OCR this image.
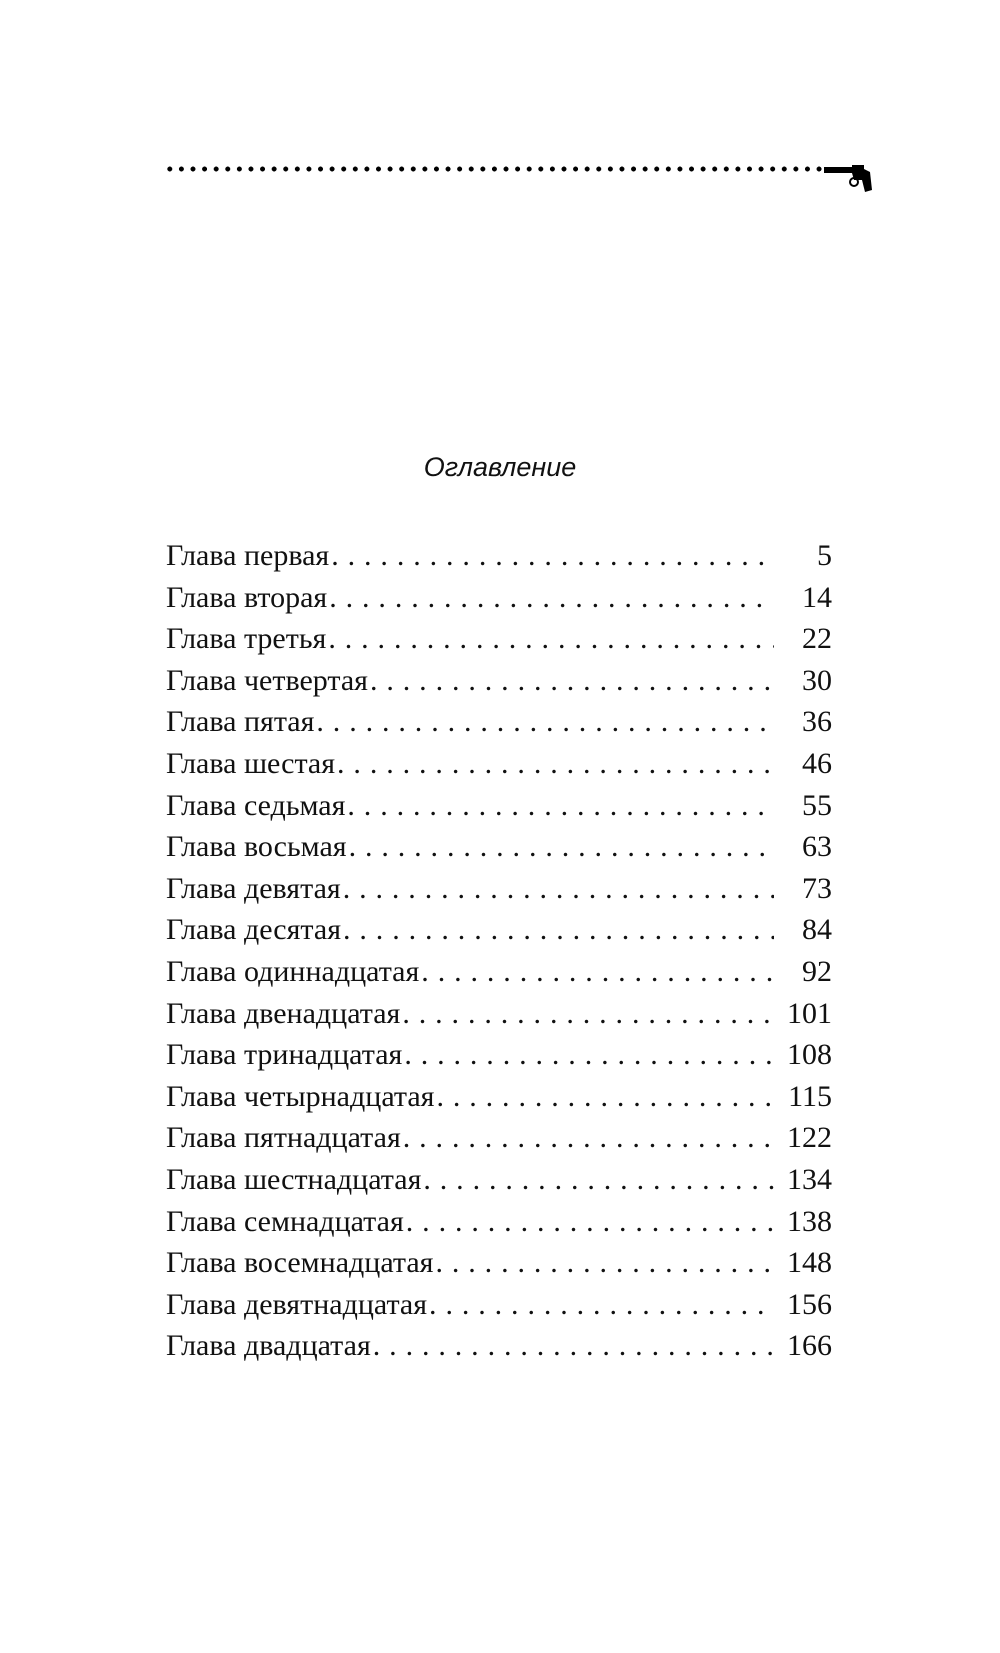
Оглавление
Глава первая . . .	5
Глава вторая . . .	14
Глава третья . . .	22
Глава четвертая . . .	30
Глава пятая . . .	36
Глава шестая . . .	46
Глава седьмая . . .	55
Глава восьмая . . .	63
Глава девятая . . .	73
Глава десятая . . .	84
Глава одиннадцатая . . .	92
Глава двенадцатая . . .	101
Глава тринадцатая . . .	108
Глава четырнадцатая . . .	115
Глава пятнадцатая . . .	122
Глава шестнадцатая . . .	134
Глава семнадцатая . . .	138
Глава восемнадцатая . . .	148
Глава девятнадцатая . . .	156
Глава двадцатая . . .	166
